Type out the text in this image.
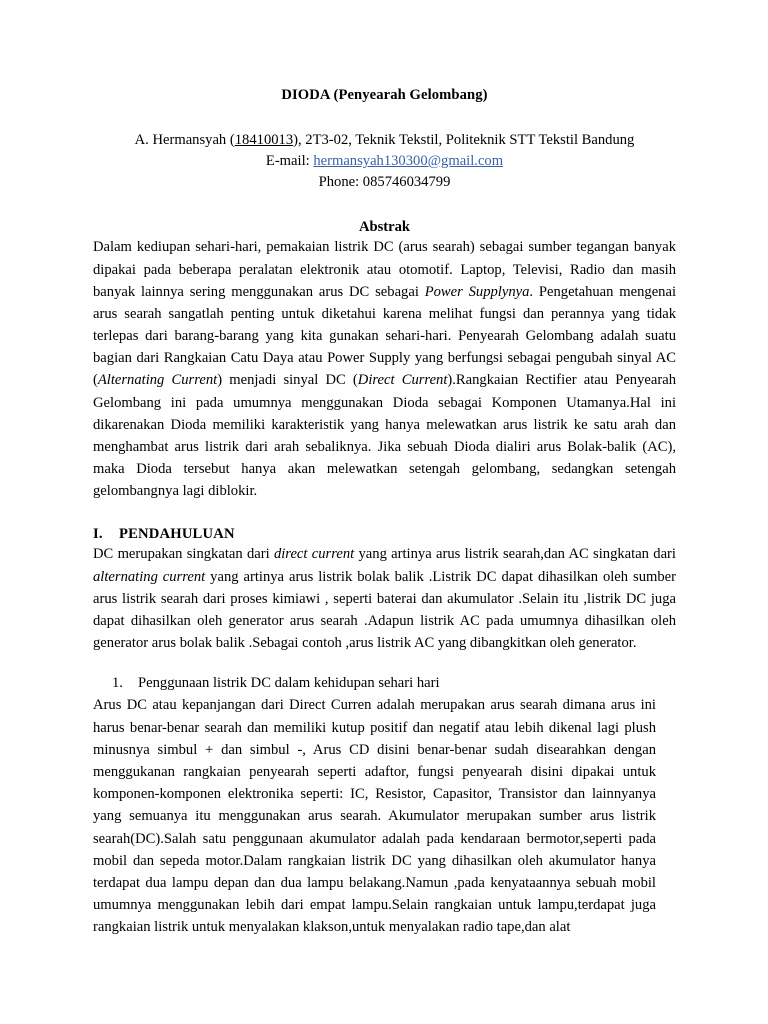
DIODA (Penyearah Gelombang)
A. Hermansyah (18410013), 2T3-02, Teknik Tekstil, Politeknik STT Tekstil Bandung
E-mail: hermansyah130300@gmail.com
Phone: 085746034799
Abstrak

Dalam kediupan sehari-hari, pemakaian listrik DC (arus searah) sebagai sumber tegangan banyak dipakai pada beberapa peralatan elektronik atau otomotif. Laptop, Televisi, Radio dan masih banyak lainnya sering menggunakan arus DC sebagai Power Supplynya. Pengetahuan mengenai arus searah sangatlah penting untuk diketahui karena melihat fungsi dan perannya yang tidak terlepas dari barang-barang yang kita gunakan sehari-hari. Penyearah Gelombang adalah suatu bagian dari Rangkaian Catu Daya atau Power Supply yang berfungsi sebagai pengubah sinyal AC (Alternating Current) menjadi sinyal DC (Direct Current).Rangkaian Rectifier atau Penyearah Gelombang ini pada umumnya menggunakan Dioda sebagai Komponen Utamanya.Hal ini dikarenakan Dioda memiliki karakteristik yang hanya melewatkan arus listrik ke satu arah dan menghambat arus listrik dari arah sebaliknya. Jika sebuah Dioda dialiri arus Bolak-balik (AC), maka Dioda tersebut hanya akan melewatkan setengah gelombang, sedangkan setengah gelombangnya lagi diblokir.

I. PENDAHULUAN

DC merupakan singkatan dari direct current yang artinya arus listrik searah,dan AC singkatan dari alternating current yang artinya arus listrik bolak balik .Listrik DC dapat dihasilkan oleh sumber arus listrik searah dari proses kimiawi , seperti baterai dan akumulator .Selain itu ,listrik DC juga dapat dihasilkan oleh generator arus searah .Adapun listrik AC pada umumnya dihasilkan oleh generator arus bolak balik .Sebagai contoh ,arus listrik AC yang dibangkitkan oleh generator.

1. Penggunaan listrik DC dalam kehidupan sehari hari

Arus DC atau kepanjangan dari Direct Curren adalah merupakan arus searah dimana arus ini harus benar-benar searah dan memiliki kutup positif dan negatif atau lebih dikenal lagi plush minusnya simbul + dan simbul -, Arus CD disini benar-benar sudah disearahkan dengan menggukanan rangkaian penyearah seperti adaftor, fungsi penyearah disini dipakai untuk komponen-komponen elektronika seperti: IC, Resistor, Capasitor, Transistor dan lainnyanya yang semuanya itu menggunakan arus searah. Akumulator merupakan sumber arus listrik searah(DC).Salah satu penggunaan akumulator adalah pada kendaraan bermotor,seperti pada mobil dan sepeda motor.Dalam rangkaian listrik DC yang dihasilkan oleh akumulator hanya terdapat dua lampu depan dan dua lampu belakang.Namun ,pada kenyataannya sebuah mobil umumnya menggunakan lebih dari empat lampu.Selain rangkaian untuk lampu,terdapat juga rangkaian listrik untuk menyalakan klakson,untuk menyalakan radio tape,dan alat
